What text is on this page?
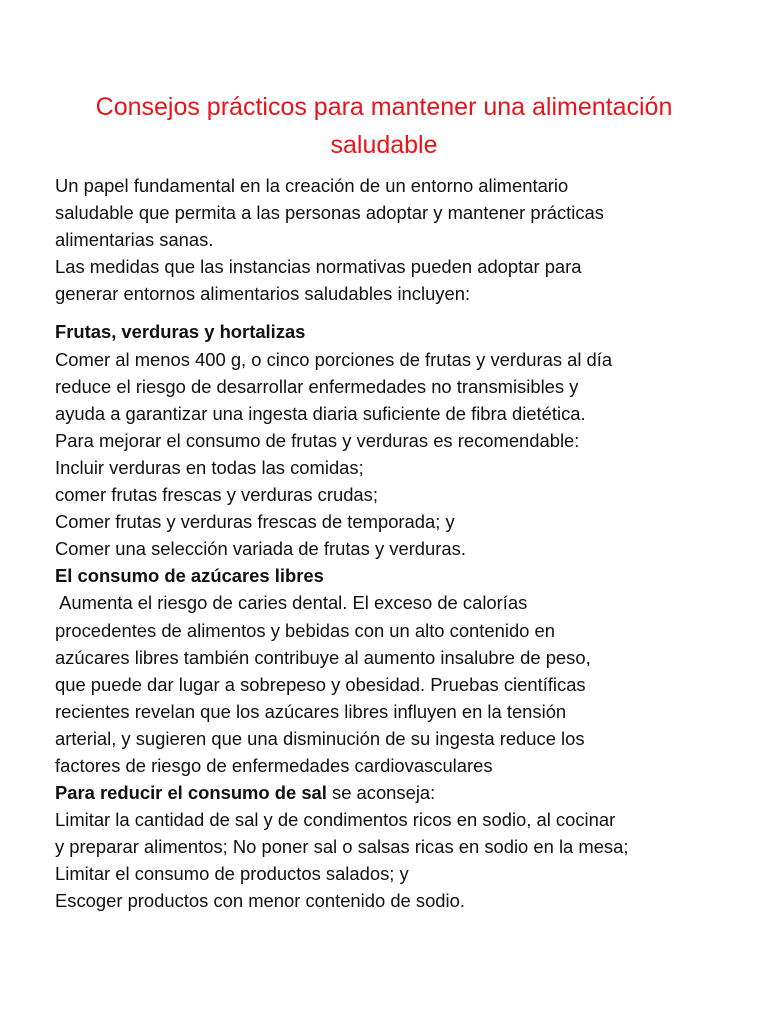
Consejos prácticos para mantener una alimentación
saludable
Un papel fundamental en la creación de un entorno alimentario
saludable que permita a las personas adoptar y mantener prácticas
alimentarias sanas.
Las medidas que las instancias normativas pueden adoptar para
generar entornos alimentarios saludables incluyen:
Frutas, verduras y hortalizas
Comer al menos 400 g, o cinco porciones de frutas y verduras al día
reduce el riesgo de desarrollar enfermedades no transmisibles y
ayuda a garantizar una ingesta diaria suficiente de fibra dietética.
Para mejorar el consumo de frutas y verduras es recomendable:
Incluir verduras en todas las comidas;
comer frutas frescas y verduras crudas;
Comer frutas y verduras frescas de temporada; y
Comer una selección variada de frutas y verduras.
El consumo de azúcares libres
Aumenta el riesgo de caries dental. El exceso de calorías
procedentes de alimentos y bebidas con un alto contenido en
azúcares libres también contribuye al aumento insalubre de peso,
que puede dar lugar a sobrepeso y obesidad. Pruebas científicas
recientes revelan que los azúcares libres influyen en la tensión
arterial, y sugieren que una disminución de su ingesta reduce los
factores de riesgo de enfermedades cardiovasculares
Para reducir el consumo de sal se aconseja:
Limitar la cantidad de sal y de condimentos ricos en sodio, al cocinar
y preparar alimentos; No poner sal o salsas ricas en sodio en la mesa;
Limitar el consumo de productos salados; y
Escoger productos con menor contenido de sodio.
